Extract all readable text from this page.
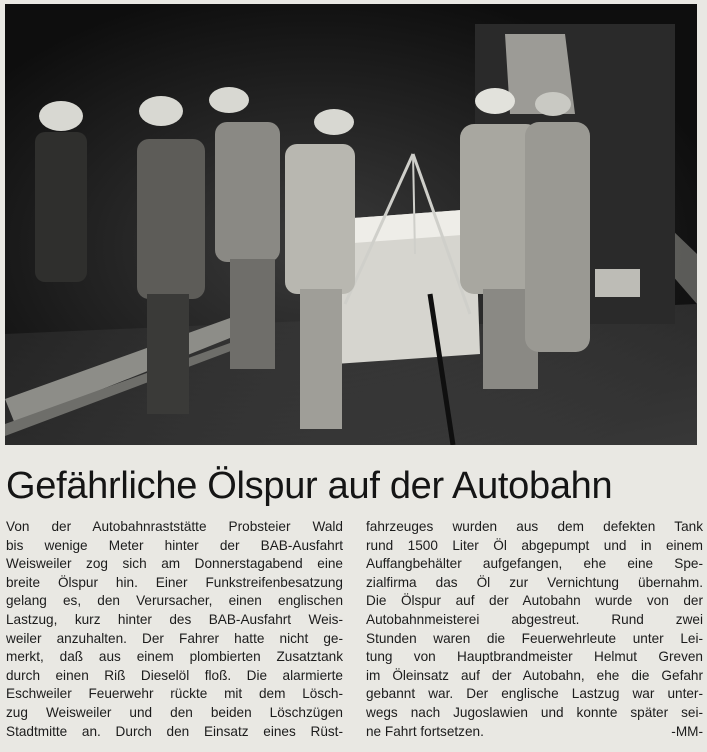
Gefährliche Ölspur auf der Autobahn
Von der Autobahnraststätte Probsteier Wald
bis wenige Meter hinter der BAB-Ausfahrt
Weisweiler zog sich am Donnerstagabend eine
breite Ölspur hin. Einer Funkstreifenbesatzung
gelang es, den Verursacher, einen englischen
Lastzug, kurz hinter des BAB-Ausfahrt Weis-
weiler anzuhalten. Der Fahrer hatte nicht ge-
merkt, daß aus einem plombierten Zusatztank
durch einen Riß Dieselöl floß. Die alarmierte
Eschweiler Feuerwehr rückte mit dem Lösch-
zug Weisweiler und den beiden Löschzügen
Stadtmitte an. Durch den Einsatz eines Rüst-
fahrzeuges wurden aus dem defekten Tank
rund 1500 Liter Öl abgepumpt und in einem
Auffangbehälter aufgefangen, ehe eine Spe-
zialfirma das Öl zur Vernichtung übernahm.
Die Ölspur auf der Autobahn wurde von der
Autobahnmeisterei abgestreut. Rund zwei
Stunden waren die Feuerwehrleute unter Lei-
tung von Hauptbrandmeister Helmut Greven
im Öleinsatz auf der Autobahn, ehe die Gefahr
gebannt war. Der englische Lastzug war unter-
wegs nach Jugoslawien und konnte später sei-
ne Fahrt fortsetzen.	-MM-
